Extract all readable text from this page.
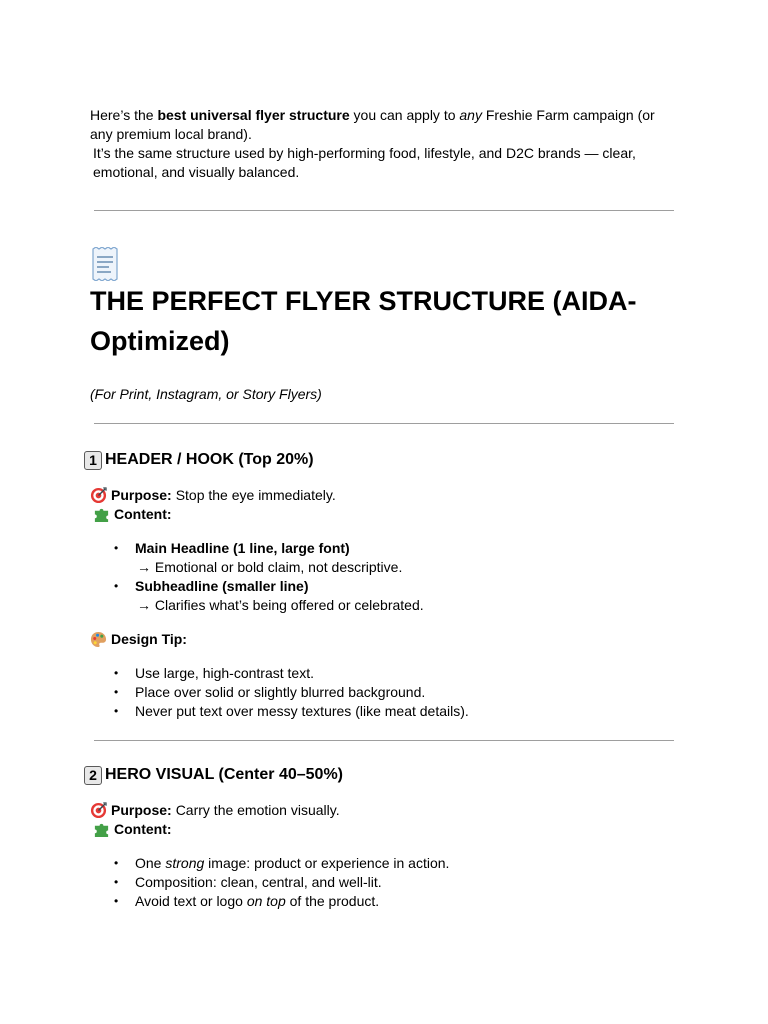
Here’s the best universal flyer structure you can apply to any Freshie Farm campaign (or any premium local brand).

It’s the same structure used by high-performing food, lifestyle, and D2C brands — clear, emotional, and visually balanced.

THE PERFECT FLYER STRUCTURE (AIDA-Optimized)

(For Print, Instagram, or Story Flyers)

1 HEADER / HOOK (Top 20%)
Purpose: Stop the eye immediately.
Content:
• Main Headline (1 line, large font)
→ Emotional or bold claim, not descriptive.
• Subheadline (smaller line)
→ Clarifies what’s being offered or celebrated.
Design Tip:
• Use large, high-contrast text.
• Place over solid or slightly blurred background.
• Never put text over messy textures (like meat details).
2 HERO VISUAL (Center 40–50%)
Purpose: Carry the emotion visually.
Content:
• One strong image: product or experience in action.
• Composition: clean, central, and well-lit.
• Avoid text or logo on top of the product.
